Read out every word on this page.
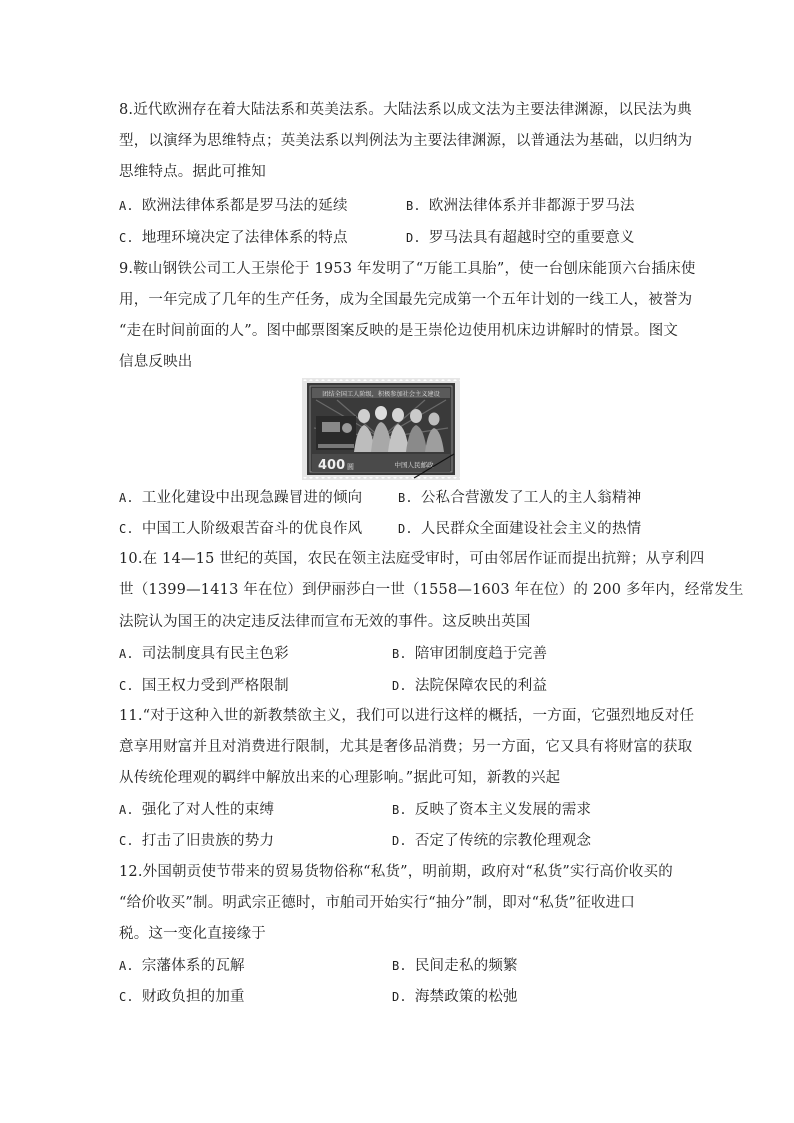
8.近代欧洲存在着大陆法系和英美法系。大陆法系以成文法为主要法律渊源，以民法为典
型，以演绎为思维特点；英美法系以判例法为主要法律渊源，以普通法为基础，以归纳为
思维特点。据此可推知
A. 欧洲法律体系都是罗马法的延续	B. 欧洲法律体系并非都源于罗马法
C. 地理环境决定了法律体系的特点	D. 罗马法具有超越时空的重要意义
9.鞍山钢铁公司工人王崇伦于 1953 年发明了“万能工具胎”，使一台刨床能顶六台插床使
用，一年完成了几年的生产任务，成为全国最先完成第一个五年计划的一线工人，被誉为
“走在时间前面的人”。图中邮票图案反映的是王崇伦边使用机床边讲解时的情景。图文
信息反映出
团结全国工人阶级，积极参加社会主义建设
400 圆	中国人民邮政
A. 工业化建设中出现急躁冒进的倾向	B. 公私合营激发了工人的主人翁精神
C. 中国工人阶级艰苦奋斗的优良作风	D. 人民群众全面建设社会主义的热情
10.在 14—15 世纪的英国，农民在领主法庭受审时，可由邻居作证而提出抗辩；从亨利四
世（1399—1413 年在位）到伊丽莎白一世（1558—1603 年在位）的 200 多年内，经常发生
法院认为国王的决定违反法律而宣布无效的事件。这反映出英国
A. 司法制度具有民主色彩	B. 陪审团制度趋于完善
C. 国王权力受到严格限制	D. 法院保障农民的利益
11.“对于这种入世的新教禁欲主义，我们可以进行这样的概括，一方面，它强烈地反对任
意享用财富并且对消费进行限制，尤其是奢侈品消费；另一方面，它又具有将财富的获取
从传统伦理观的羁绊中解放出来的心理影响。”据此可知，新教的兴起
A. 强化了对人性的束缚	B. 反映了资本主义发展的需求
C. 打击了旧贵族的势力	D. 否定了传统的宗教伦理观念
12.外国朝贡使节带来的贸易货物俗称“私货”，明前期，政府对“私货”实行高价收买的
“给价收买”制。明武宗正德时，市舶司开始实行“抽分”制，即对“私货”征收进口
税。这一变化直接缘于
A. 宗藩体系的瓦解	B. 民间走私的频繁
C. 财政负担的加重	D. 海禁政策的松弛
